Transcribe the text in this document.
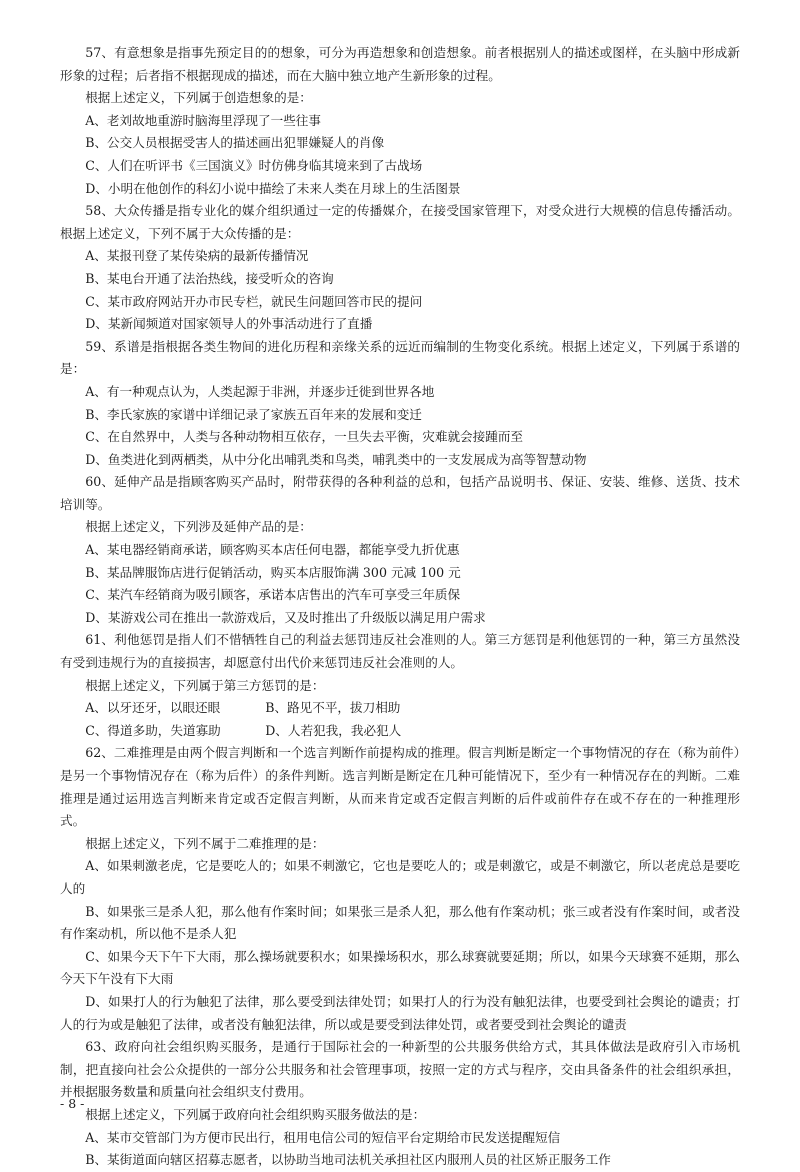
57、有意想象是指事先预定目的的想象，可分为再造想象和创造想象。前者根据别人的描述或图样，在头脑中形成新形象的过程；后者指不根据现成的描述，而在大脑中独立地产生新形象的过程。

根据上述定义，下列属于创造想象的是：

A、老刘故地重游时脑海里浮现了一些往事
B、公交人员根据受害人的描述画出犯罪嫌疑人的肖像
C、人们在听评书《三国演义》时仿佛身临其境来到了古战场
D、小明在他创作的科幻小说中描绘了未来人类在月球上的生活图景

58、大众传播是指专业化的媒介组织通过一定的传播媒介，在接受国家管理下，对受众进行大规模的信息传播活动。根据上述定义，下列不属于大众传播的是：

A、某报刊登了某传染病的最新传播情况
B、某电台开通了法治热线，接受听众的咨询
C、某市政府网站开办市民专栏，就民生问题回答市民的提问
D、某新闻频道对国家领导人的外事活动进行了直播

59、系谱是指根据各类生物间的进化历程和亲缘关系的远近而编制的生物变化系统。根据上述定义，下列属于系谱的是：

A、有一种观点认为，人类起源于非洲，并逐步迁徙到世界各地
B、李氏家族的家谱中详细记录了家族五百年来的发展和变迁
C、在自然界中，人类与各种动物相互依存，一旦失去平衡，灾难就会接踵而至
D、鱼类进化到两栖类，从中分化出哺乳类和鸟类，哺乳类中的一支发展成为高等智慧动物

60、延伸产品是指顾客购买产品时，附带获得的各种利益的总和，包括产品说明书、保证、安装、维修、送货、技术培训等。

根据上述定义，下列涉及延伸产品的是：

A、某电器经销商承诺，顾客购买本店任何电器，都能享受九折优惠
B、某品牌服饰店进行促销活动，购买本店服饰满 300 元减 100 元
C、某汽车经销商为吸引顾客，承诺本店售出的汽车可享受三年质保
D、某游戏公司在推出一款游戏后，又及时推出了升级版以满足用户需求

61、利他惩罚是指人们不惜牺牲自己的利益去惩罚违反社会准则的人。第三方惩罚是利他惩罚的一种，第三方虽然没有受到违规行为的直接损害，却愿意付出代价来惩罚违反社会准则的人。

根据上述定义，下列属于第三方惩罚的是：

A、以牙还牙，以眼还眼	B、路见不平，拔刀相助
C、得道多助，失道寡助	D、人若犯我，我必犯人

62、二难推理是由两个假言判断和一个选言判断作前提构成的推理。假言判断是断定一个事物情况的存在（称为前件）是另一个事物情况存在（称为后件）的条件判断。选言判断是断定在几种可能情况下，至少有一种情况存在的判断。二难推理是通过运用选言判断来肯定或否定假言判断，从而来肯定或否定假言判断的后件或前件存在或不存在的一种推理形式。

根据上述定义，下列不属于二难推理的是：

A、如果刺激老虎，它是要吃人的；如果不刺激它，它也是要吃人的；或是刺激它，或是不刺激它，所以老虎总是要吃人的
B、如果张三是杀人犯，那么他有作案时间；如果张三是杀人犯，那么他有作案动机；张三或者没有作案时间，或者没有作案动机，所以他不是杀人犯
C、如果今天下午下大雨，那么操场就要积水；如果操场积水，那么球赛就要延期；所以，如果今天球赛不延期，那么今天下午没有下大雨
D、如果打人的行为触犯了法律，那么要受到法律处罚；如果打人的行为没有触犯法律，也要受到社会舆论的谴责；打人的行为或是触犯了法律，或者没有触犯法律，所以或是要受到法律处罚，或者要受到社会舆论的谴责

63、政府向社会组织购买服务，是通行于国际社会的一种新型的公共服务供给方式，其具体做法是政府引入市场机制，把直接向社会公众提供的一部分公共服务和社会管理事项，按照一定的方式与程序，交由具备条件的社会组织承担，并根据服务数量和质量向社会组织支付费用。

根据上述定义，下列属于政府向社会组织购买服务做法的是：

A、某市交管部门为方便市民出行，租用电信公司的短信平台定期给市民发送提醒短信
B、某街道面向辖区招募志愿者，以协助当地司法机关承担社区内服刑人员的社区矫正服务工作
- 8 -
